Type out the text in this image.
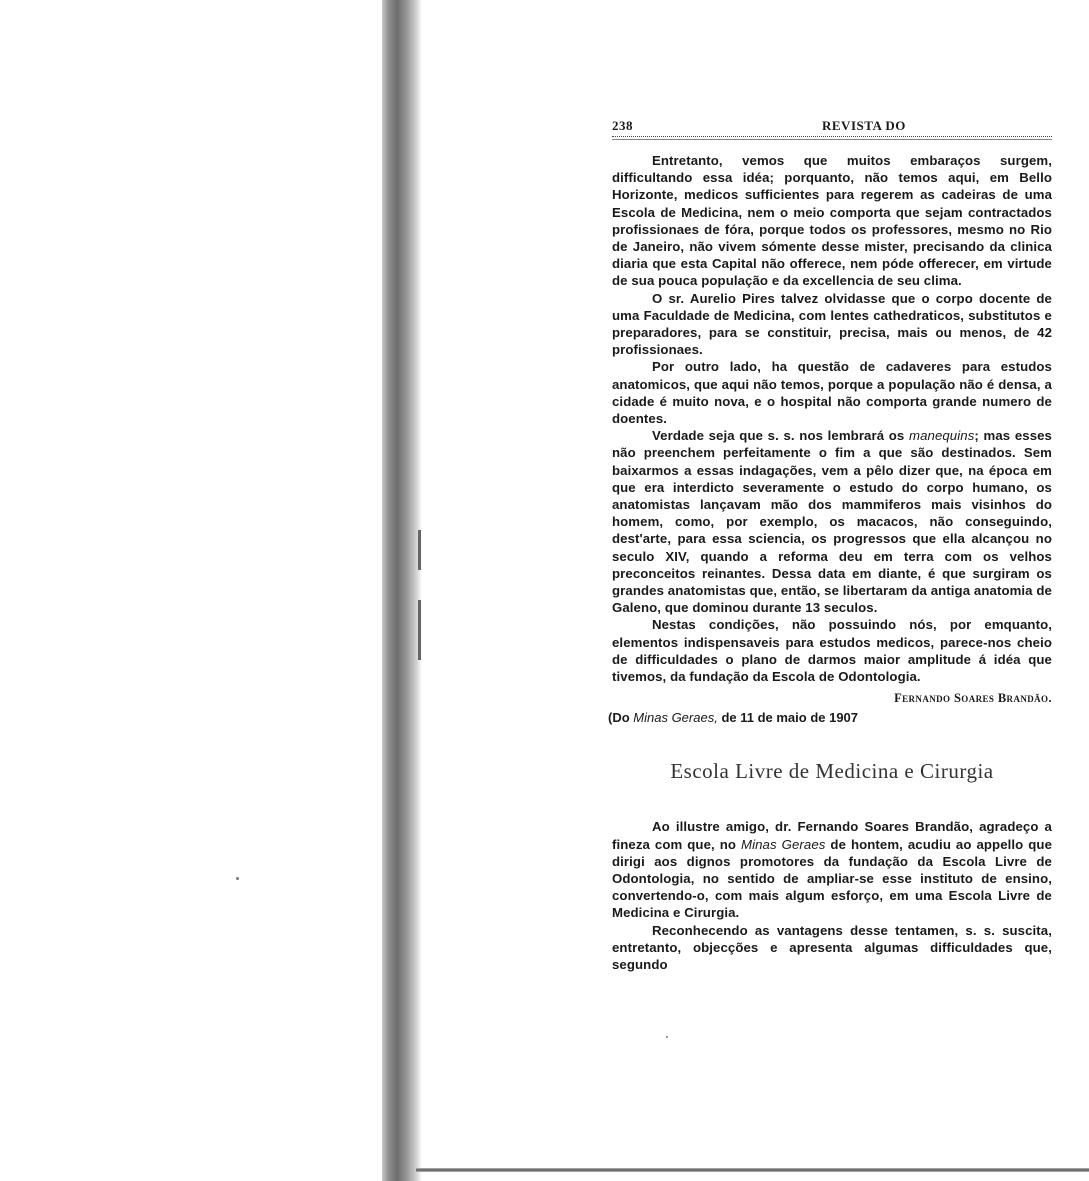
238	REVISTA DO

Entretanto, vemos que muitos embaraços surgem, difficultando essa idéa; porquanto, não temos aqui, em Bello Horizonte, medicos sufficientes para regerem as cadeiras de uma Escola de Medicina, nem o meio comporta que sejam contractados profissionaes de fóra, porque todos os professores, mesmo no Rio de Janeiro, não vivem sómente desse mister, precisando da clinica diaria que esta Capital não offerece, nem póde offerecer, em virtude de sua pouca população e da excellencia de seu clima.

O sr. Aurelio Pires talvez olvidasse que o corpo docente de uma Faculdade de Medicina, com lentes cathedraticos, substitutos e preparadores, para se constituir, precisa, mais ou menos, de 42 profissionaes.

Por outro lado, ha questão de cadaveres para estudos anatomicos, que aqui não temos, porque a população não é densa, a cidade é muito nova, e o hospital não comporta grande numero de doentes.

Verdade seja que s. s. nos lembrará os manequins; mas esses não preenchem perfeitamente o fim a que são destinados. Sem baixarmos a essas indagações, vem a pêlo dizer que, na época em que era interdicto severamente o estudo do corpo humano, os anatomistas lançavam mão dos mammiferos mais visinhos do homem, como, por exemplo, os macacos, não conseguindo, dest'arte, para essa sciencia, os progressos que ella alcançou no seculo XIV, quando a reforma deu em terra com os velhos preconceitos reinantes. Dessa data em diante, é que surgiram os grandes anatomistas que, então, se libertaram da antiga anatomia de Galeno, que dominou durante 13 seculos.

Nestas condições, não possuindo nós, por emquanto, elementos indispensaveis para estudos medicos, parece-nos cheio de difficuldades o plano de darmos maior amplitude á idéa que tivemos, da fundação da Escola de Odontologia.

Fernando Soares Brandão.
(Do Minas Geraes, de 11 de maio de 1907
Escola Livre de Medicina e Cirurgia

Ao illustre amigo, dr. Fernando Soares Brandão, agradeço a fineza com que, no Minas Geraes de hontem, acudiu ao appello que dirigi aos dignos promotores da fundação da Escola Livre de Odontologia, no sentido de ampliar-se esse instituto de ensino, convertendo-o, com mais algum esforço, em uma Escola Livre de Medicina e Cirurgia.

Reconhecendo as vantagens desse tentamen, s. s. suscita, entretanto, objecções e apresenta algumas difficuldades que, segundo
